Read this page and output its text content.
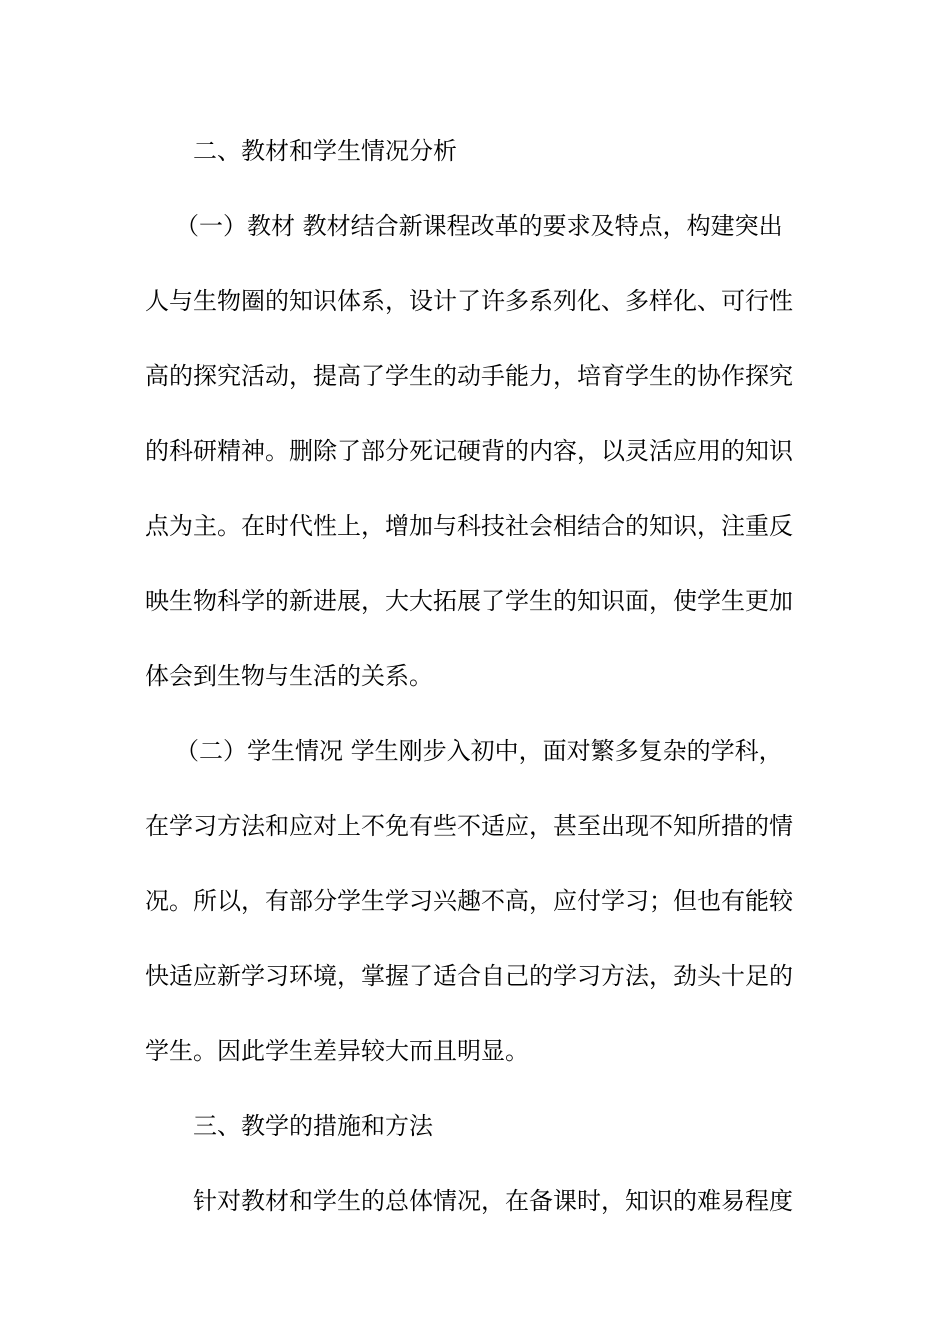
二、教材和学生情况分析
（一）教材 教材结合新课程改革的要求及特点，构建突出
人与生物圈的知识体系，设计了许多系列化、多样化、可行性
高的探究活动，提高了学生的动手能力，培育学生的协作探究
的科研精神。删除了部分死记硬背的内容，以灵活应用的知识
点为主。在时代性上，增加与科技社会相结合的知识，注重反
映生物科学的新进展，大大拓展了学生的知识面，使学生更加
体会到生物与生活的关系。
（二）学生情况 学生刚步入初中，面对繁多复杂的学科，
在学习方法和应对上不免有些不适应，甚至出现不知所措的情
况。所以，有部分学生学习兴趣不高，应付学习；但也有能较
快适应新学习环境，掌握了适合自己的学习方法，劲头十足的
学生。因此学生差异较大而且明显。
三、教学的措施和方法
针对教材和学生的总体情况，在备课时，知识的难易程度
